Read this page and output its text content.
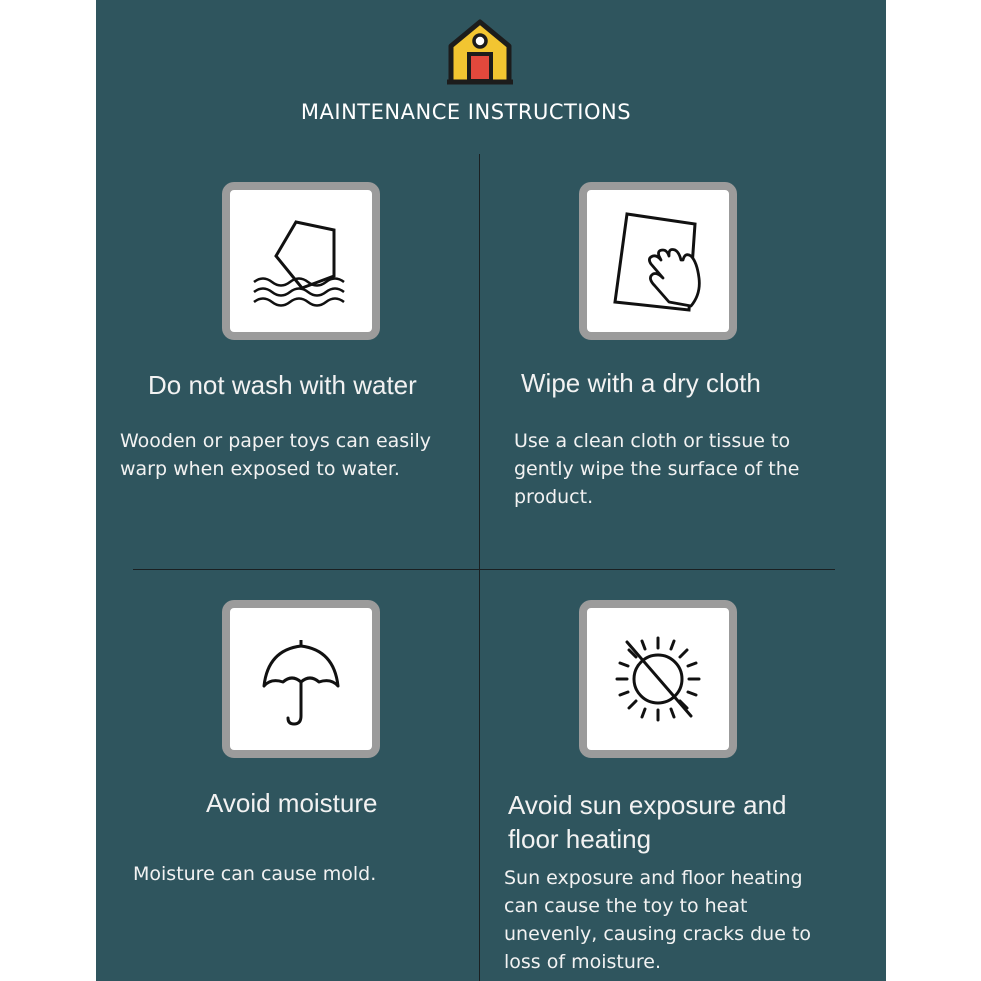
MAINTENANCE INSTRUCTIONS
Do not wash with water
Wooden or paper toys can easily warp when exposed to water.
Wipe with a dry cloth
Use a clean cloth or tissue to gently wipe the surface of the product.
Avoid moisture
Moisture can cause mold.
Avoid sun exposure and floor heating
Sun exposure and floor heating can cause the toy to heat unevenly, causing cracks due to loss of moisture.
